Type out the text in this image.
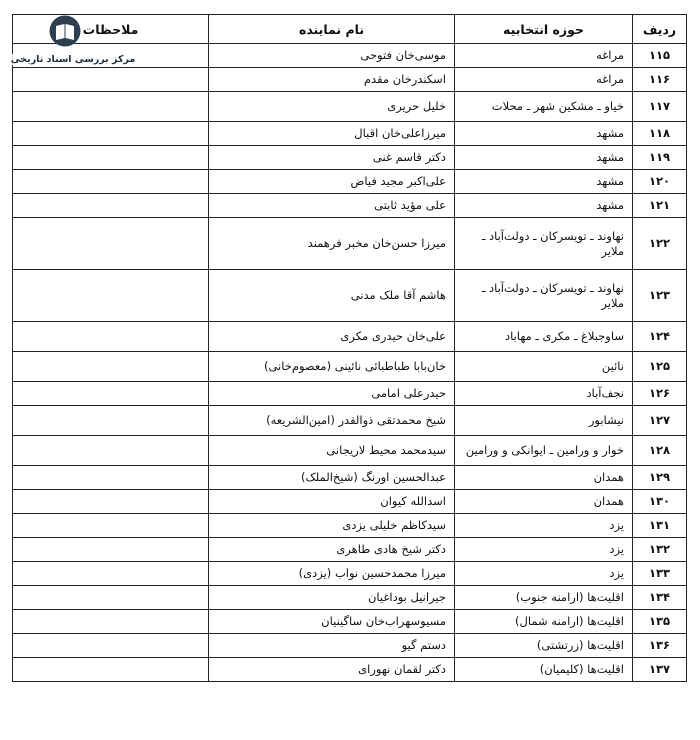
ردیف	حوزه انتخابیه	نام نماینده	ملاحظات
۱۱۵	مراغه	موسی‌خان فتوحی	
۱۱۶	مراغه	اسکندرخان مقدم	
۱۱۷	خیاو ـ مشکین شهر ـ محلات	خلیل حریری	
۱۱۸	مشهد	میرزاعلی‌خان اقبال	
۱۱۹	مشهد	دکتر قاسم غنی	
۱۲۰	مشهد	علی‌اکبر مجید فیاض	
۱۲۱	مشهد	علی مؤید ثابتی	
۱۲۲	نهاوند ـ تویسرکان ـ دولت‌آباد ـ ملایر	میرزا حسن‌خان مخبر فرهمند	
۱۲۳	نهاوند ـ تویسرکان ـ دولت‌آباد ـ ملایر	هاشم آقا ملک مدنی	
۱۲۴	ساوجبلاغ ـ مکری ـ مهاباد	علی‌خان حیدری مکری	
۱۲۵	نائین	خان‌بابا طباطبائی نائینی (معصوم‌خانی)	
۱۲۶	نجف‌آباد	حیدرعلی امامی	
۱۲۷	نیشابور	شیخ محمدتقی ذوالقدر (امین‌الشریعه)	
۱۲۸	خوار و ورامین ـ ایوانکی و ورامین	سیدمحمد محیط لاریجانی	
۱۲۹	همدان	عبدالحسین اورنگ (شیخ‌الملک)	
۱۳۰	همدان	اسدالله کیوان	
۱۳۱	یزد	سیدکاظم خلیلی یزدی	
۱۳۲	یزد	دکتر شیخ هادی طاهری	
۱۳۳	یزد	میرزا محمدحسین نواب (یزدی)	
۱۳۴	اقلیت‌ها (ارامنه جنوب)	جیرانیل بوداغیان	
۱۳۵	اقلیت‌ها (ارامنه شمال)	مسیوسهراب‌خان ساگینیان	
۱۳۶	اقلیت‌ها (زرتشتی)	دستم گیو	
۱۳۷	اقلیت‌ها (کلیمیان)	دکتر لقمان نهورای	
مرکز بررسی اسناد تاریخی
